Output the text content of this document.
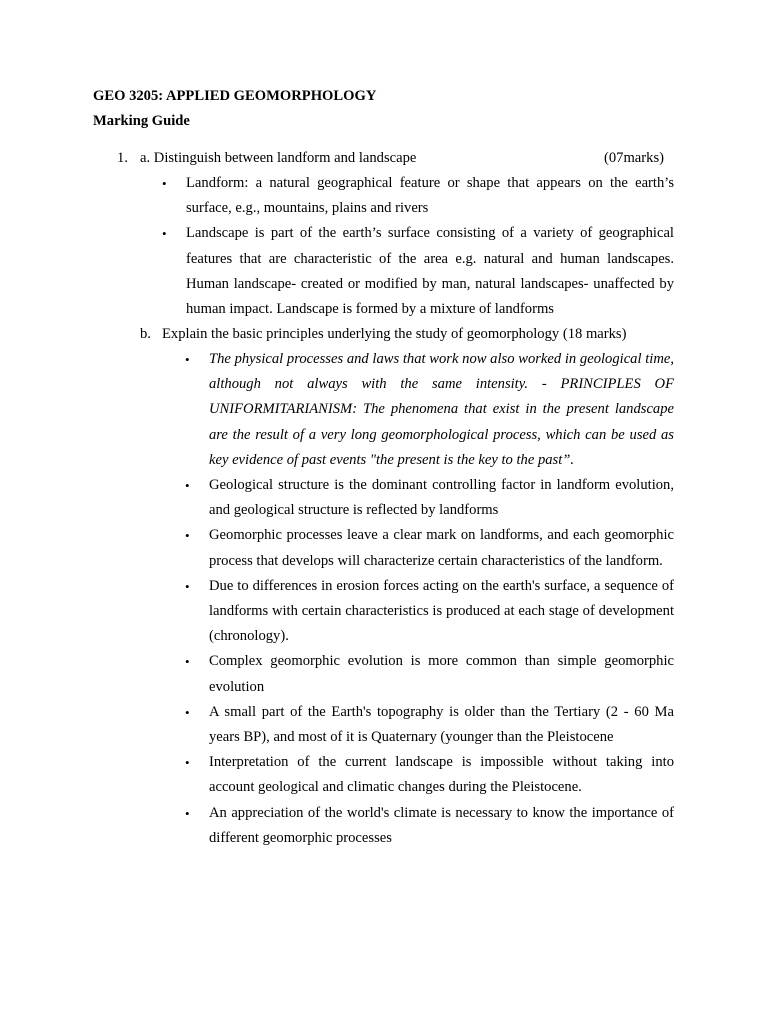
GEO 3205: APPLIED GEOMORPHOLOGY
Marking Guide
1. a. Distinguish between landform and landscape	(07marks)
• Landform: a natural geographical feature or shape that appears on the earth’s surface, e.g., mountains, plains and rivers
• Landscape is part of the earth’s surface consisting of a variety of geographical features that are characteristic of the area e.g. natural and human landscapes. Human landscape- created or modified by man, natural landscapes- unaffected by human impact. Landscape is formed by a mixture of landforms
b. Explain the basic principles underlying the study of geomorphology (18 marks)
• The physical processes and laws that work now also worked in geological time, although not always with the same intensity. - PRINCIPLES OF UNIFORMITARIANISM: The phenomena that exist in the present landscape are the result of a very long geomorphological process, which can be used as key evidence of past events "the present is the key to the past”.
• Geological structure is the dominant controlling factor in landform evolution, and geological structure is reflected by landforms
• Geomorphic processes leave a clear mark on landforms, and each geomorphic process that develops will characterize certain characteristics of the landform.
• Due to differences in erosion forces acting on the earth's surface, a sequence of landforms with certain characteristics is produced at each stage of development (chronology).
• Complex geomorphic evolution is more common than simple geomorphic evolution
• A small part of the Earth's topography is older than the Tertiary (2 - 60 Ma years BP), and most of it is Quaternary (younger than the Pleistocene
• Interpretation of the current landscape is impossible without taking into account geological and climatic changes during the Pleistocene.
• An appreciation of the world's climate is necessary to know the importance of different geomorphic processes
